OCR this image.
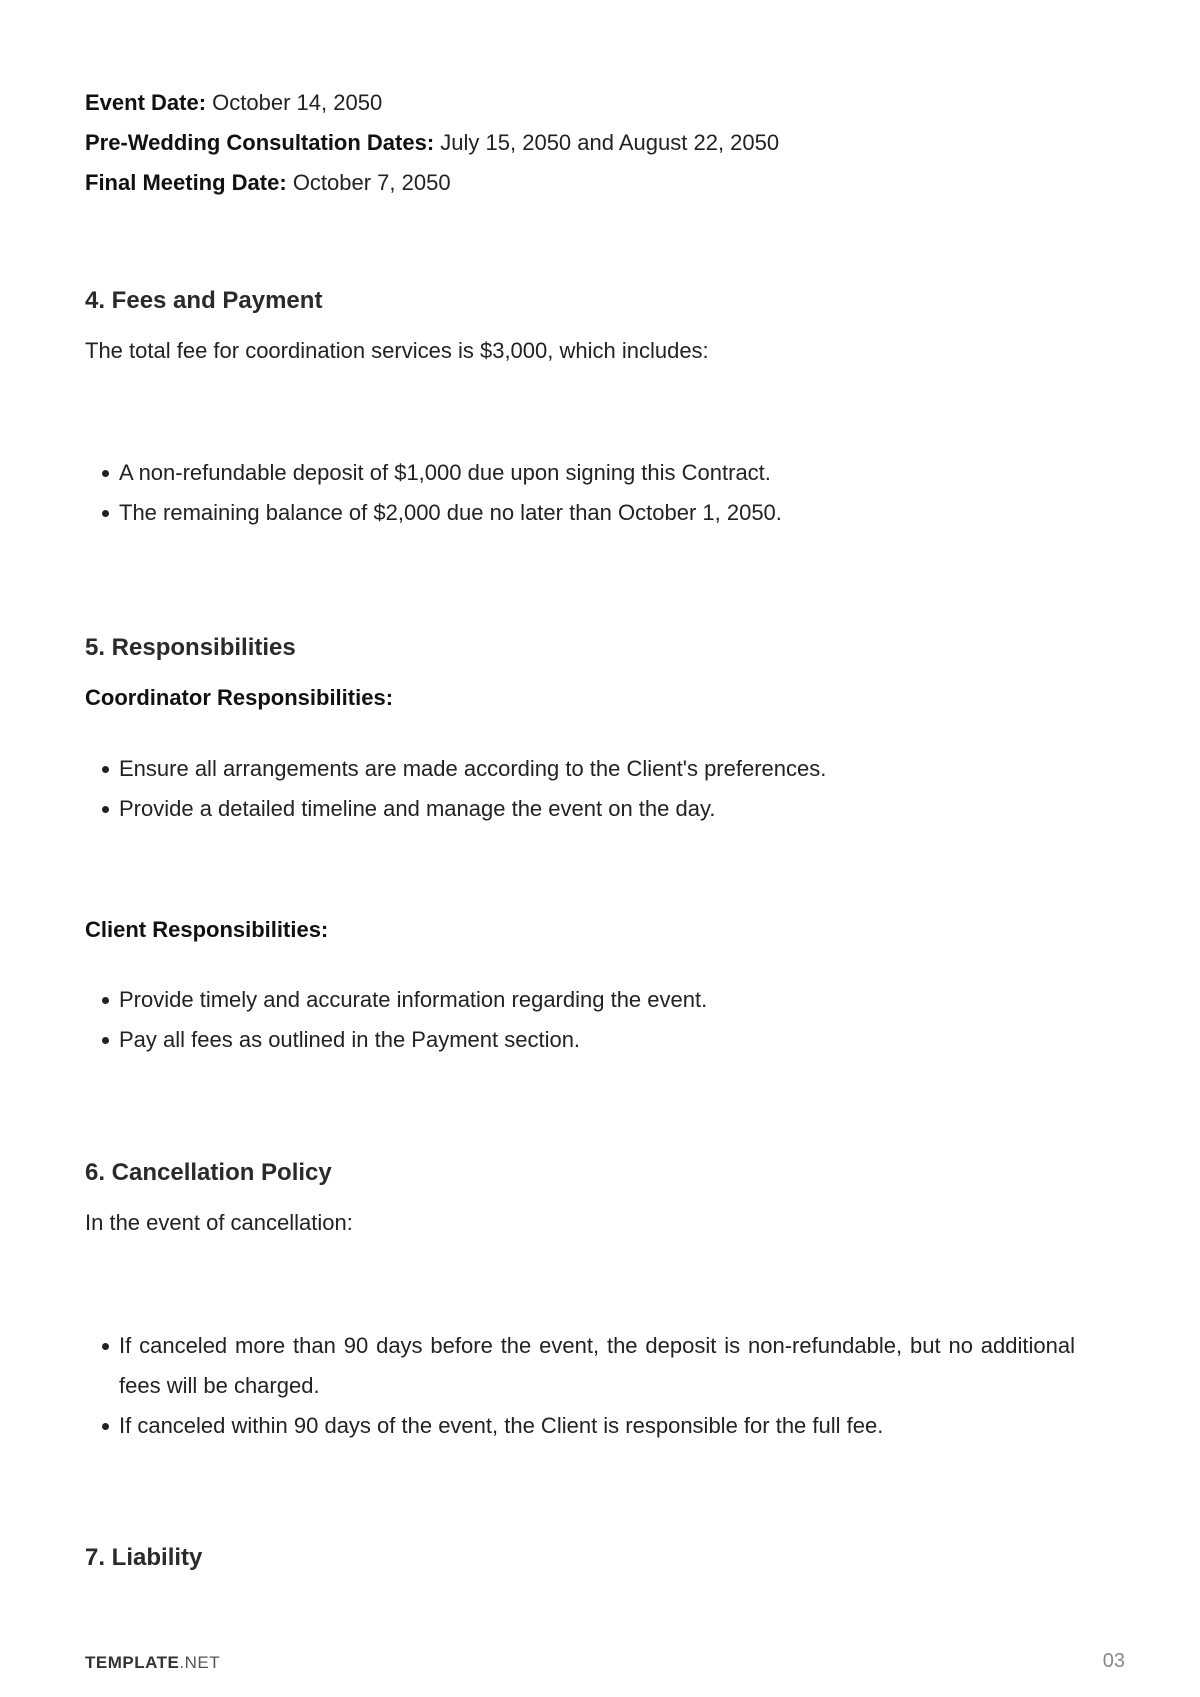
Event Date: October 14, 2050
Pre-Wedding Consultation Dates: July 15, 2050 and August 22, 2050
Final Meeting Date: October 7, 2050
4. Fees and Payment
The total fee for coordination services is $3,000, which includes:
A non-refundable deposit of $1,000 due upon signing this Contract.
The remaining balance of $2,000 due no later than October 1, 2050.
5. Responsibilities
Coordinator Responsibilities:
Ensure all arrangements are made according to the Client's preferences.
Provide a detailed timeline and manage the event on the day.
Client Responsibilities:
Provide timely and accurate information regarding the event.
Pay all fees as outlined in the Payment section.
6. Cancellation Policy
In the event of cancellation:
If canceled more than 90 days before the event, the deposit is non-refundable, but no additional fees will be charged.
If canceled within 90 days of the event, the Client is responsible for the full fee.
7. Liability
TEMPLATE.NET	03
